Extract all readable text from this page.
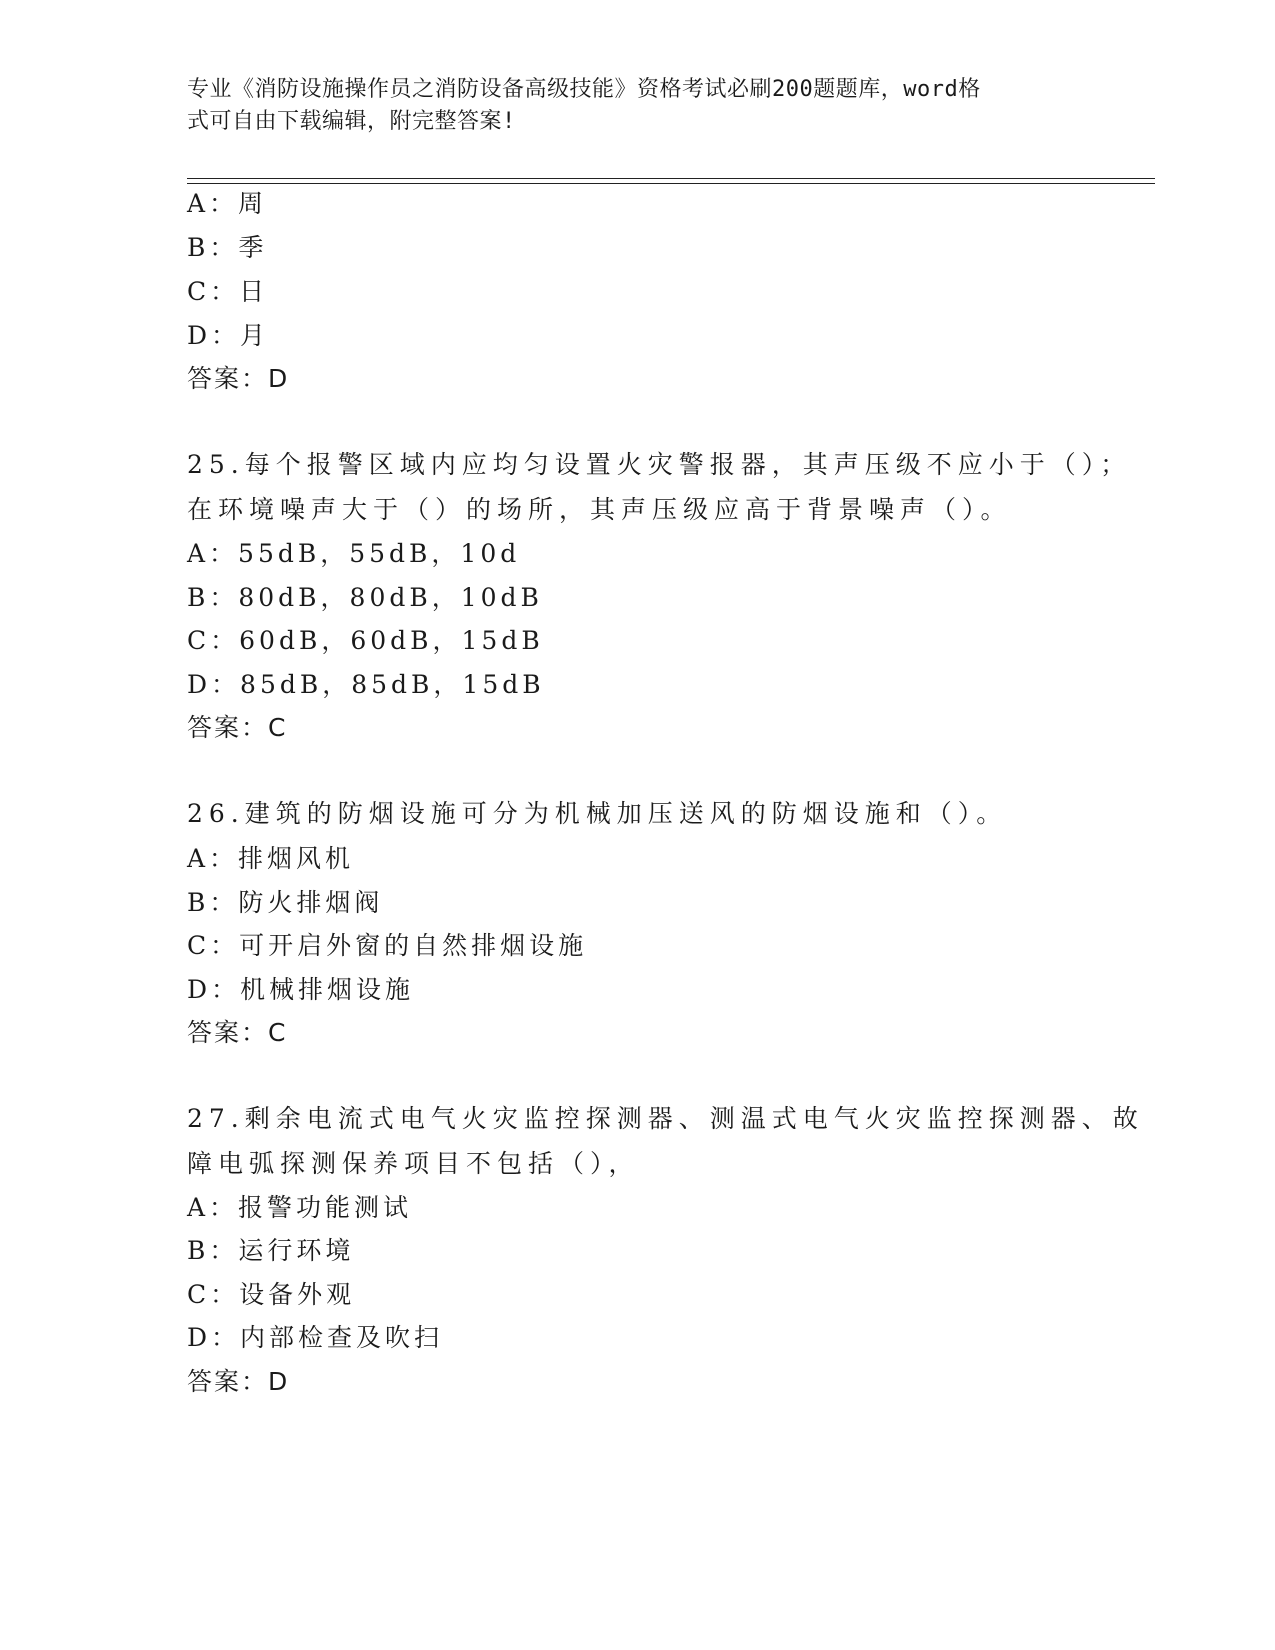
专业《消防设施操作员之消防设备高级技能》资格考试必刷200题题库，word格
式可自由下载编辑，附完整答案!
A：周
B：季
C：日
D：月
答案：D
25.每个报警区域内应均匀设置火灾警报器，其声压级不应小于（）；
在环境噪声大于（）的场所，其声压级应高于背景噪声（）。
A：55dB，55dB，10d
B：80dB，80dB，10dB
C：60dB，60dB，15dB
D：85dB，85dB，15dB
答案：C
26.建筑的防烟设施可分为机械加压送风的防烟设施和（）。
A：排烟风机
B：防火排烟阀
C：可开启外窗的自然排烟设施
D：机械排烟设施
答案：C
27.剩余电流式电气火灾监控探测器、测温式电气火灾监控探测器、故
障电弧探测保养项目不包括（），
A：报警功能测试
B：运行环境
C：设备外观
D：内部检查及吹扫
答案：D
